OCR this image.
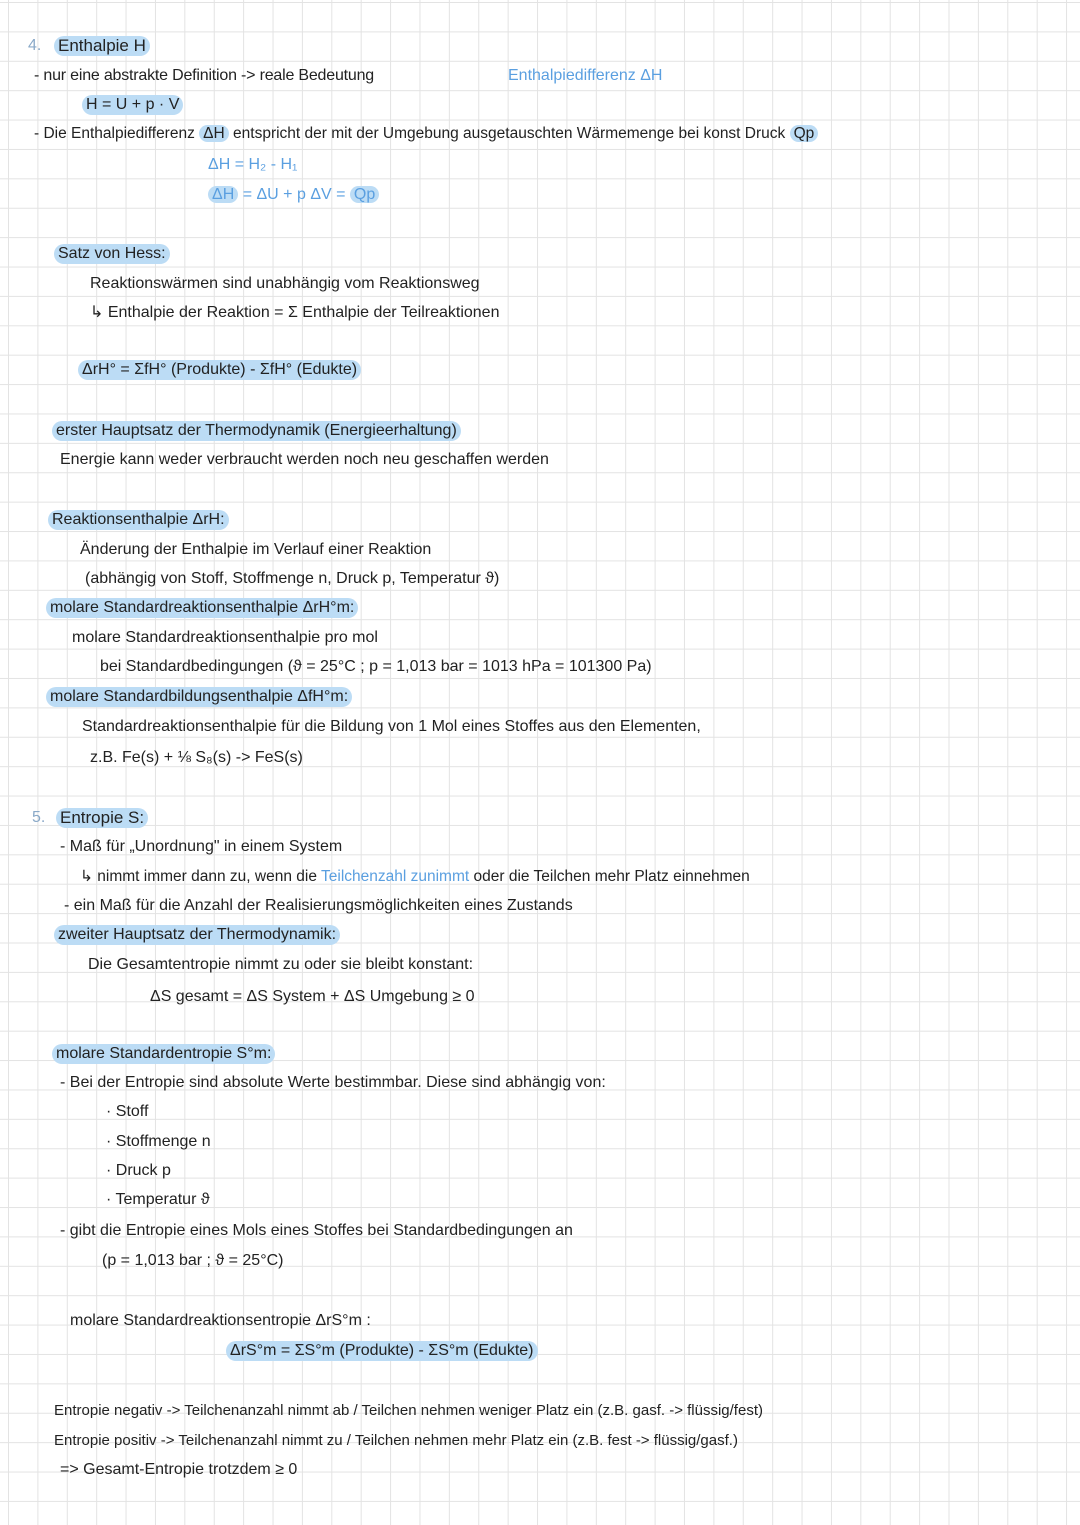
4. Enthalpie H
- nur eine abstrakte Definition -> reale Bedeutung	Enthalpiedifferenz ΔH
H = U + p · V
- Die Enthalpiedifferenz ΔH entspricht der mit der Umgebung ausgetauschten Wärmemenge bei konst Druck Qp
ΔH = H₂ - H₁
ΔH = ΔU + p ΔV = Qp
Satz von Hess:
Reaktionswärmen sind unabhängig vom Reaktionsweg
↳ Enthalpie der Reaktion = Σ Enthalpie der Teilreaktionen
ΔrH° = ΣfH° (Produkte) - ΣfH° (Edukte)
erster Hauptsatz der Thermodynamik (Energieerhaltung)
Energie kann weder verbraucht werden noch neu geschaffen werden
Reaktionsenthalpie ΔrH:
Änderung der Enthalpie im Verlauf einer Reaktion
(abhängig von Stoff, Stoffmenge n, Druck p, Temperatur ϑ)
molare Standardreaktionsenthalpie ΔrH°m:
molare Standardreaktionsenthalpie pro mol
bei Standardbedingungen (ϑ = 25°C ; p = 1,013 bar = 1013 hPa = 101300 Pa)
molare Standardbildungsenthalpie ΔfH°m:
Standardreaktionsenthalpie für die Bildung von 1 Mol eines Stoffes aus den Elementen,
z.B. Fe(s) + ⅛ S₈(s) -> FeS(s)
5. Entropie S:
- Maß für „Unordnung" in einem System
↳ nimmt immer dann zu, wenn die Teilchenzahl zunimmt oder die Teilchen mehr Platz einnehmen
- ein Maß für die Anzahl der Realisierungsmöglichkeiten eines Zustands
zweiter Hauptsatz der Thermodynamik:
Die Gesamtentropie nimmt zu oder sie bleibt konstant:
ΔS gesamt = ΔS System + ΔS Umgebung ≥ 0
molare Standardentropie S°m:
- Bei der Entropie sind absolute Werte bestimmbar. Diese sind abhängig von:
· Stoff
· Stoffmenge n
· Druck p
· Temperatur ϑ
- gibt die Entropie eines Mols eines Stoffes bei Standardbedingungen an
(p = 1,013 bar ; ϑ = 25°C)
molare Standardreaktionsentropie ΔrS°m :
ΔrS°m = ΣS°m (Produkte) - ΣS°m (Edukte)
Entropie negativ -> Teilchenanzahl nimmt ab / Teilchen nehmen weniger Platz ein (z.B. gasf. -> flüssig/fest)
Entropie positiv -> Teilchenanzahl nimmt zu / Teilchen nehmen mehr Platz ein (z.B. fest -> flüssig/gasf.)
=> Gesamt-Entropie trotzdem ≥ 0
